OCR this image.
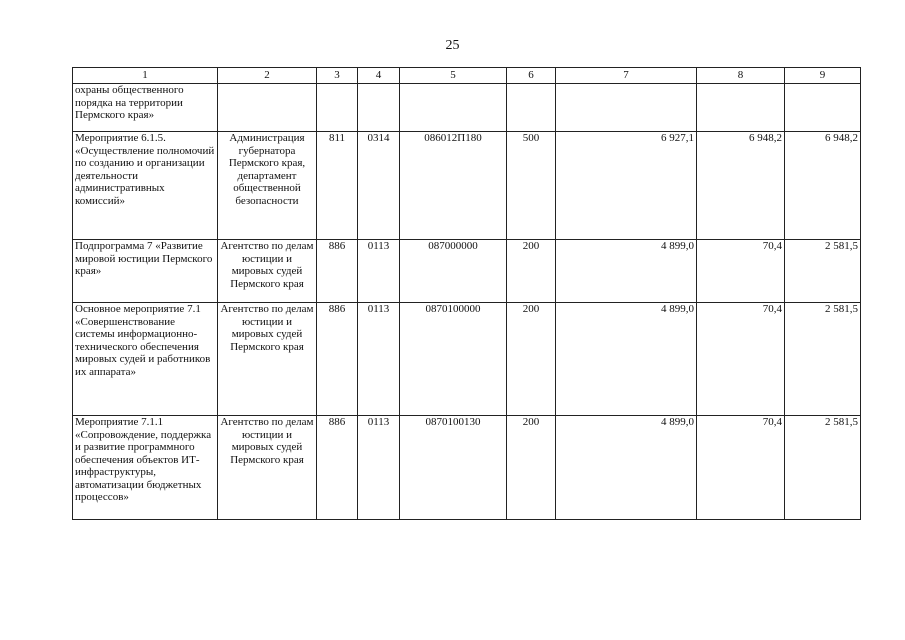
25
1	2	3	4	5	6	7	8	9
охраны общественного порядка на территории Пермского края»								
Мероприятие 6.1.5. «Осуществление полномочий по созданию и организации деятельности административных комиссий»	Администрация губернатора Пермского края, департамент общественной безопасности	811	0314	086012П180	500	6 927,1	6 948,2	6 948,2
Подпрограмма 7 «Развитие мировой юстиции Пермского края»	Агентство по делам юстиции и мировых судей Пермского края	886	0113	087000000	200	4 899,0	70,4	2 581,5
Основное мероприятие 7.1 «Совершенствование системы информационно-технического обеспечения мировых судей и работников их аппарата»	Агентство по делам юстиции и мировых судей Пермского края	886	0113	0870100000	200	4 899,0	70,4	2 581,5
Мероприятие 7.1.1 «Сопровождение, поддержка и развитие программного обеспечения объектов ИТ-инфраструктуры, автоматизации бюджетных процессов»	Агентство по делам юстиции и мировых судей Пермского края	886	0113	0870100130	200	4 899,0	70,4	2 581,5
